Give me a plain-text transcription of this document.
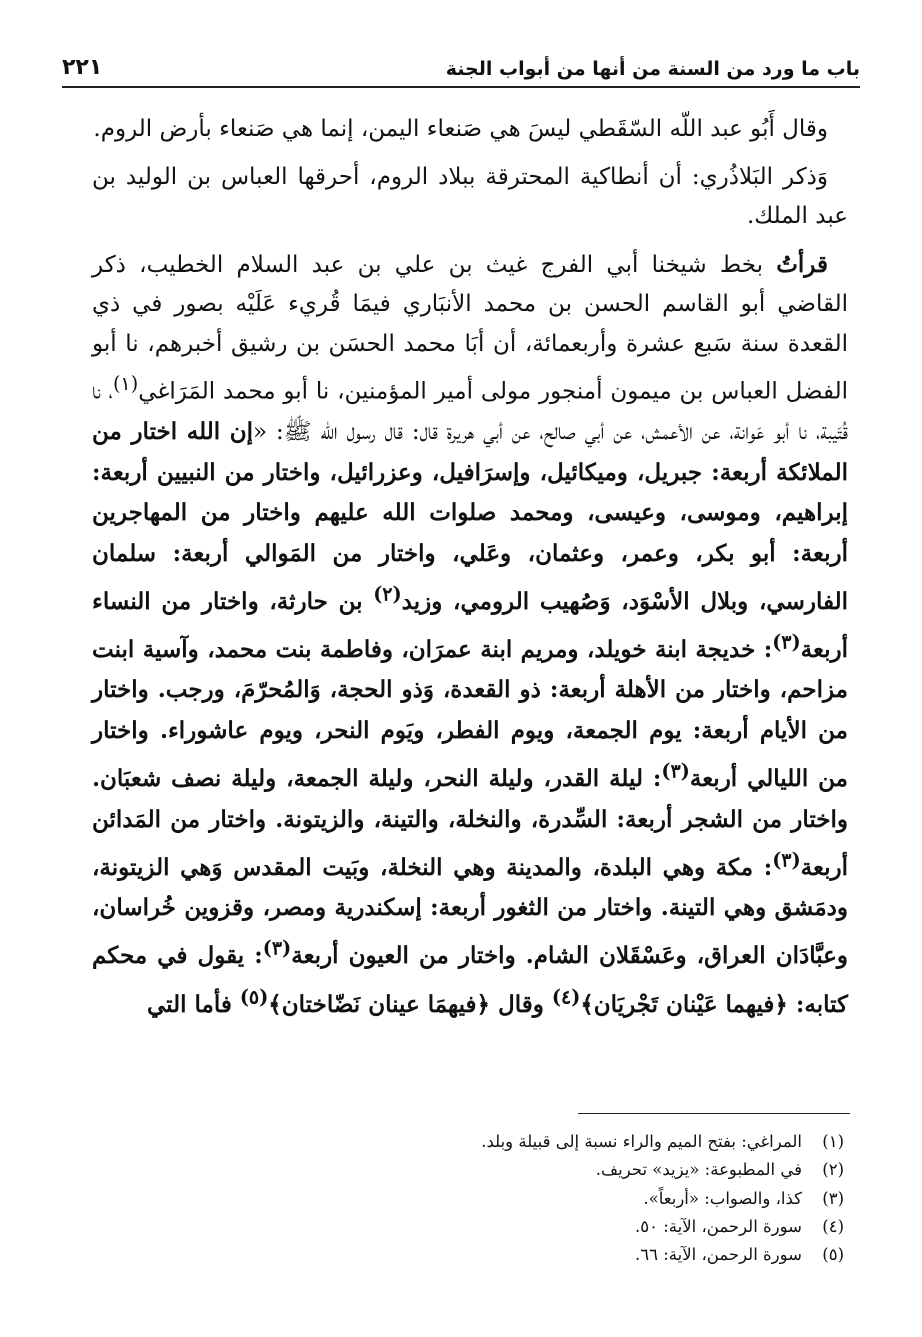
باب ما ورد من السنة من أنها من أبواب الجنة
٢٢١

وقال أَبُو عبد اللّه السّقَطي ليسَ هي صَنعاء اليمن، إنما هي صَنعاء بأرض الروم.

وَذكر البَلاذُري: أن أنطاكية المحترقة ببلاد الروم، أحرقها العباس بن الوليد بن عبد الملك.

قرأتُ بخط شيخنا أبي الفرج غيث بن علي بن عبد السلام الخطيب، ذكر القاضي أبو القاسم الحسن بن محمد الأنبَاري فيمَا قُريء عَلَيْه بصور في ذي القعدة سنة سَبع عشرة وأربعمائة، أن أبَا محمد الحسَن بن رشيق أخبرهم، نا أبو الفضل العباس بن ميمون أمنجور مولى أمير المؤمنين، نا أبو محمد المَرَاغي$^{(١)}$، نا قُتَيبة، نا أبو عَوانة، عن الأعمش، عن أبي صالح، عن أبي هريرة قال: قال رسول الله ﷺ: «إن الله اختار من الملائكة أربعة: جبريل، وميكائيل، وإسرَافيل، وعزرائيل، واختار من النبيين أربعة: إبراهيم، وموسى، وعيسى، ومحمد صلوات الله عليهم واختار من المهاجرين أربعة: أبو بكر، وعمر، وعثمان، وعَلي، واختار من المَوالي أربعة: سلمان الفارسي، وبلال الأسْوَد، وَصُهيب الرومي، وزيد$^{(٢)}$ بن حارثة، واختار من النساء أربعة$^{(٣)}$: خديجة ابنة خويلد، ومريم ابنة عمرَان، وفاطمة بنت محمد، وآسية ابنت مزاحم، واختار من الأهلة أربعة: ذو القعدة، وَذو الحجة، وَالمُحرّمَ، ورجب. واختار من الأيام أربعة: يوم الجمعة، ويوم الفطر، ويَوم النحر، ويوم عاشوراء. واختار من الليالي أربعة$^{(٣)}$: ليلة القدر، وليلة النحر، وليلة الجمعة، وليلة نصف شعبَان. واختار من الشجر أربعة: السِّدرة، والنخلة، والتينة، والزيتونة. واختار من المَدائن أربعة$^{(٣)}$: مكة وهي البلدة، والمدينة وهي النخلة، وبَيت المقدس وَهي الزيتونة، ودمَشق وهي التينة. واختار من الثغور أربعة: إسكندرية ومصر، وقزوين خُراسان، وعبَّادَان العراق، وعَسْقَلان الشام. واختار من العيون أربعة$^{(٣)}$: يقول في محكم كتابه: ﴿فيهما عَيْنان تَجْريَان﴾$^{(٤)}$ وقال ﴿فيهمَا عينان نَضّاختان﴾$^{(٥)}$ فأما التي

(١)
المراغي: بفتح الميم والراء نسبة إلى قبيلة وبلد.
(٢)
في المطبوعة: «يزيد» تحريف.
(٣)
كذا، والصواب: «أربعاً».
(٤)
سورة الرحمن، الآية: ٥٠.
(٥)
سورة الرحمن، الآية: ٦٦.
